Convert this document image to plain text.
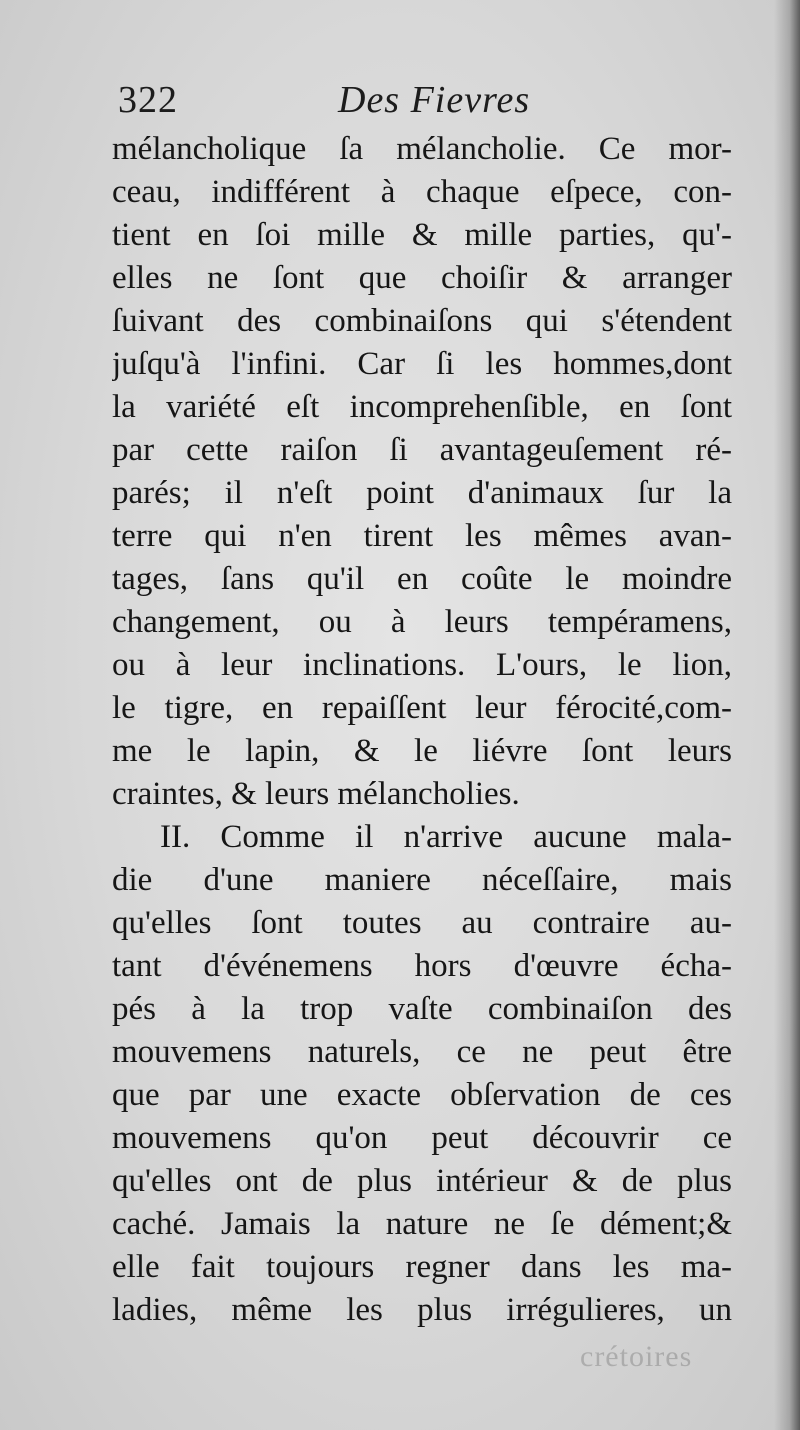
322	Des Fievres
mélancholique ſa mélancholie. Ce mor-
ceau, indifférent à chaque eſpece, con-
tient en ſoi mille & mille parties, qu'-
elles ne ſont que choiſir & arranger
ſuivant des combinaiſons qui s'étendent
juſqu'à l'infini. Car ſi les hommes,dont
la variété eſt incomprehenſible, en ſont
par cette raiſon ſi avantageuſement ré-
parés; il n'eſt point d'animaux ſur la
terre qui n'en tirent les mêmes avan-
tages, ſans qu'il en coûte le moindre
changement, ou à leurs tempéramens,
ou à leur inclinations. L'ours, le lion,
le tigre, en repaiſſent leur férocité,com-
me le lapin, & le liévre ſont leurs
craintes, & leurs mélancholies.
II. Comme il n'arrive aucune mala-
die d'une maniere néceſſaire, mais
qu'elles ſont toutes au contraire au-
tant d'événemens hors d'œuvre écha-
pés à la trop vaſte combinaiſon des
mouvemens naturels, ce ne peut être
que par une exacte obſervation de ces
mouvemens qu'on peut découvrir ce
qu'elles ont de plus intérieur & de plus
caché. Jamais la nature ne ſe dément;&
elle fait toujours regner dans les ma-
ladies, même les plus irrégulieres, un
crétoires
